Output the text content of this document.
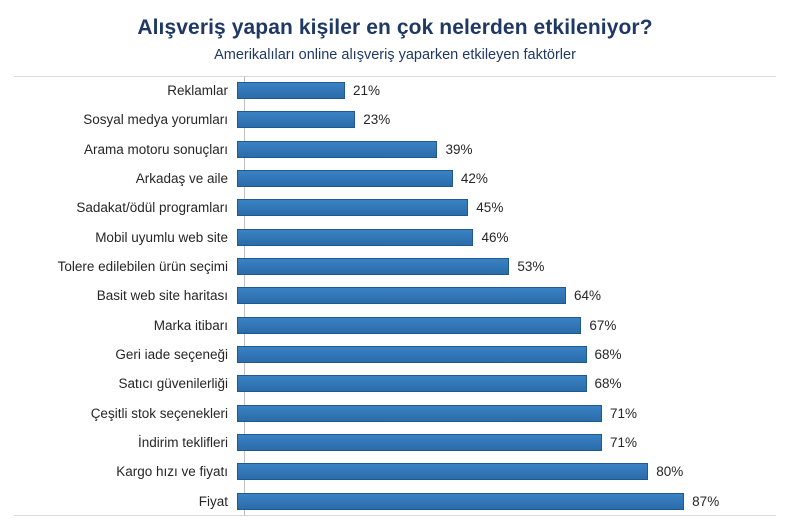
Alışveriş yapan kişiler en çok nelerden etkileniyor?
Amerikalıları online alışveriş yaparken etkileyen faktörler
Reklamlar	21%
Sosyal medya yorumları	23%
Arama motoru sonuçları	39%
Arkadaş ve aile	42%
Sadakat/ödül programları	45%
Mobil uyumlu web site	46%
Tolere edilebilen ürün seçimi	53%
Basit web site haritası	64%
Marka itibarı	67%
Geri iade seçeneği	68%
Satıcı güvenilerliği	68%
Çeşitli stok seçenekleri	71%
İndirim teklifleri	71%
Kargo hızı ve fiyatı	80%
Fiyat	87%
